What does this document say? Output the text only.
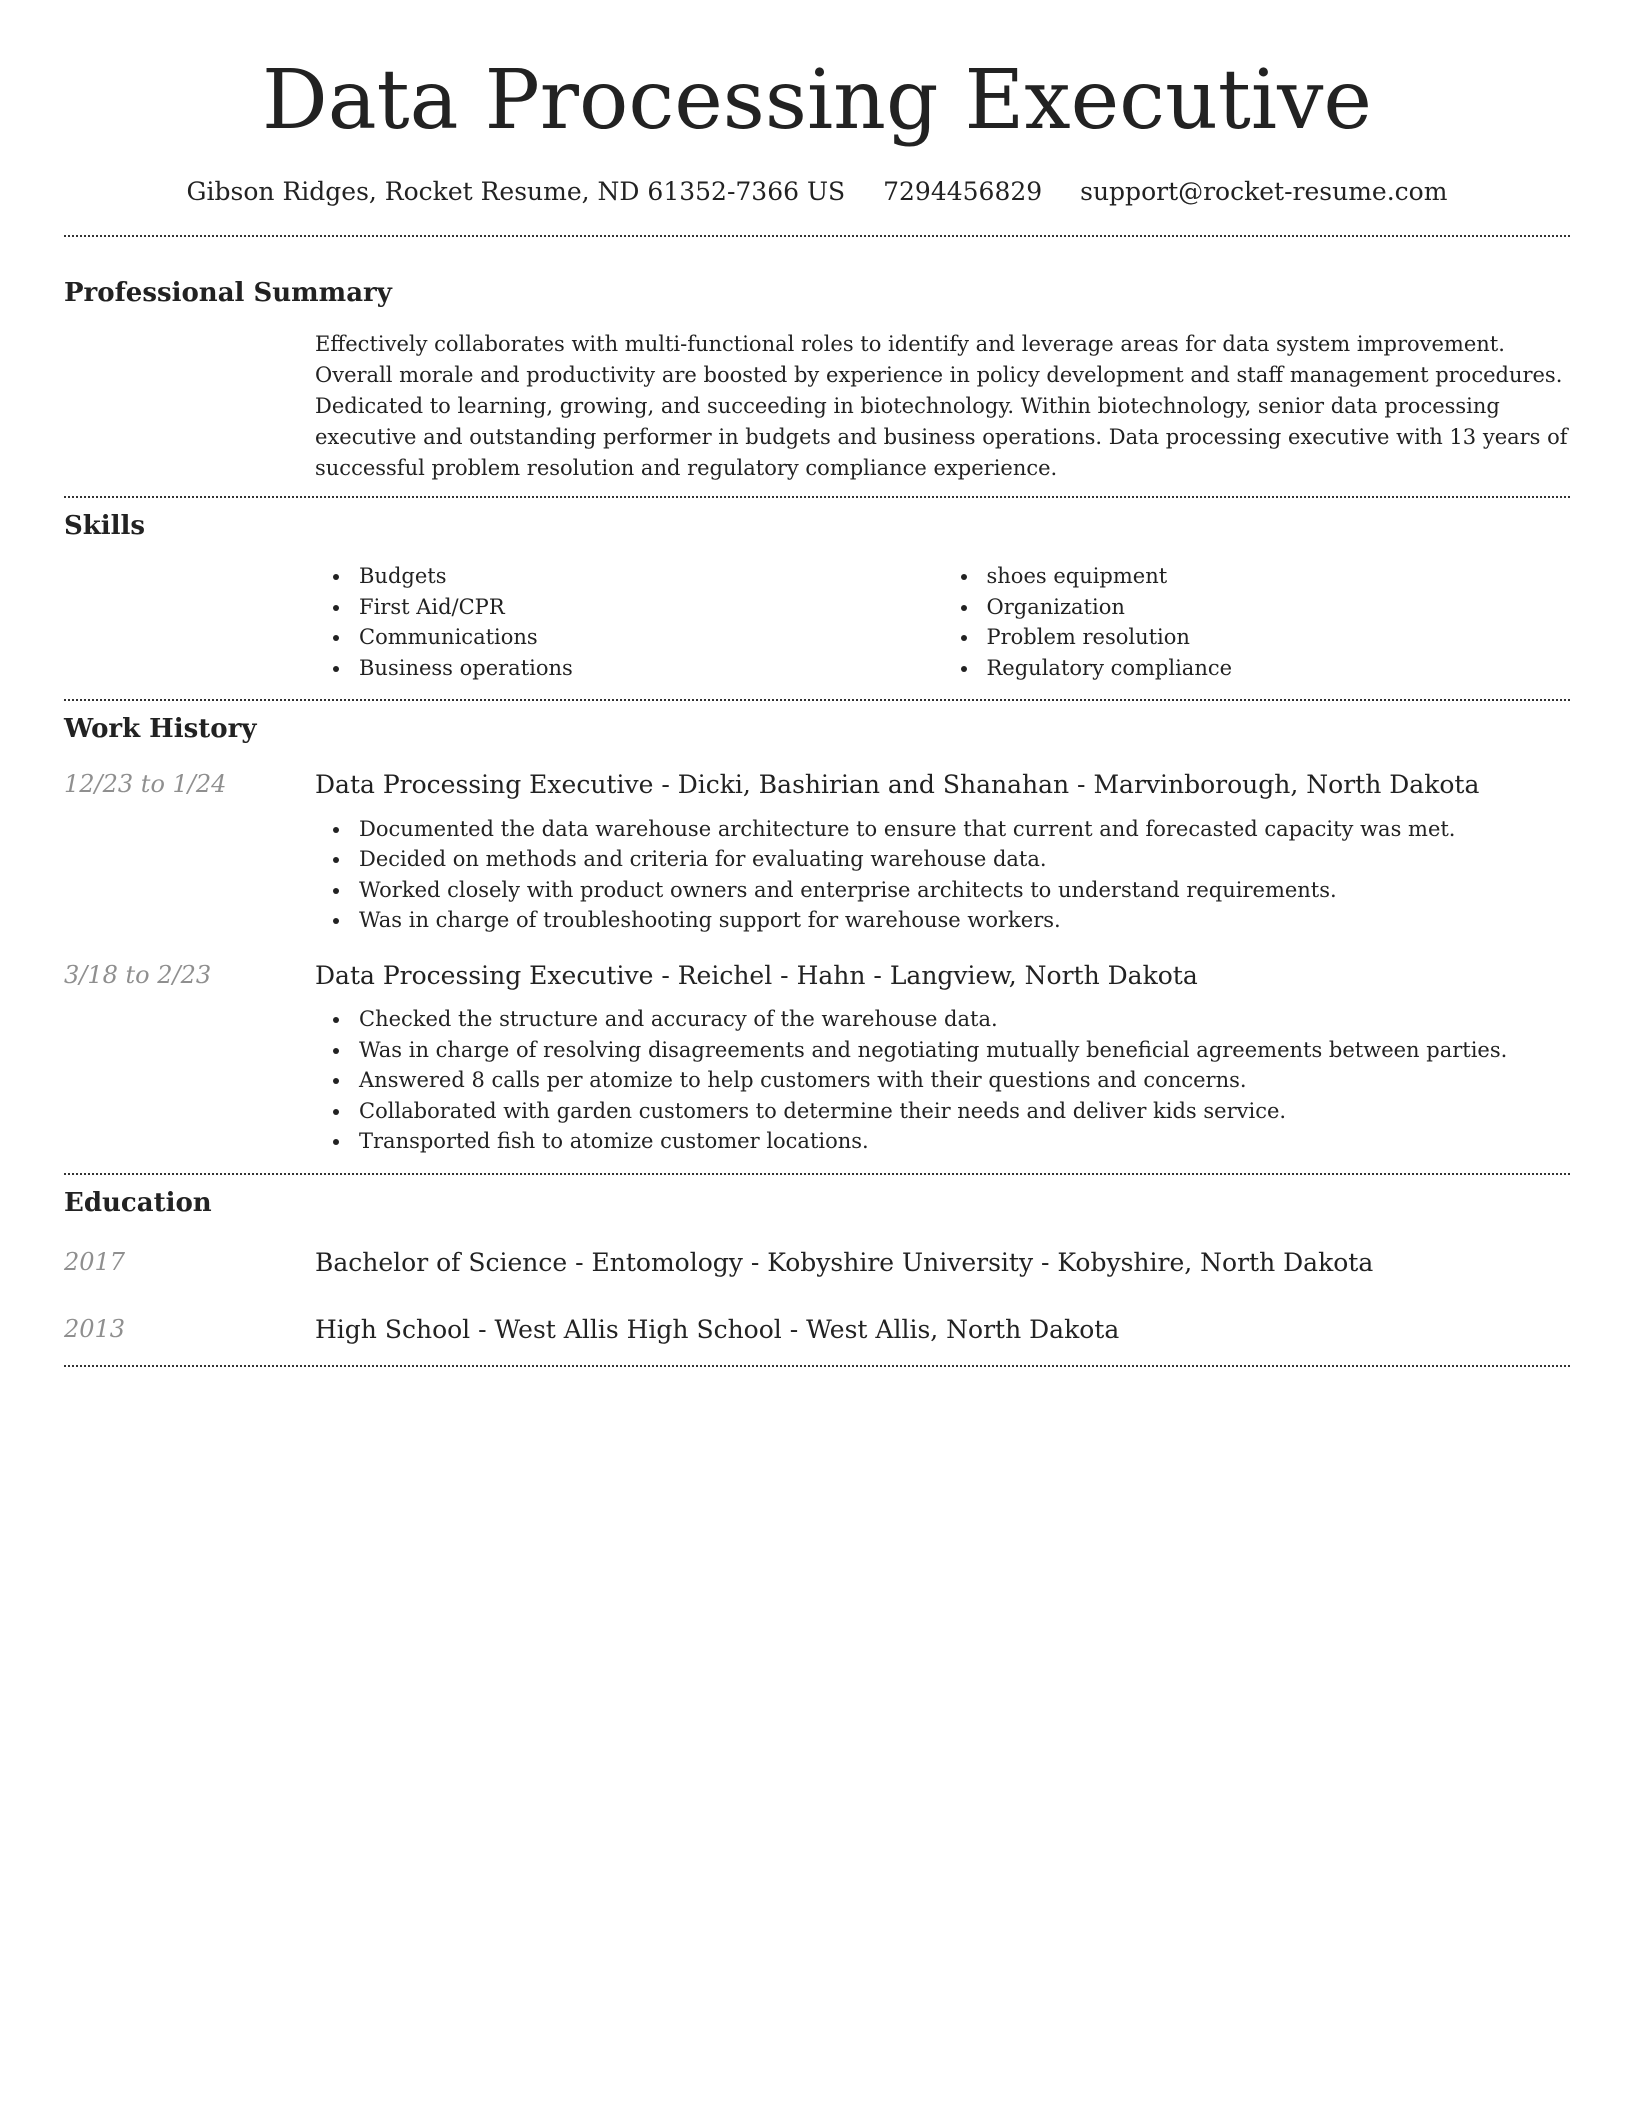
Data Processing Executive
Gibson Ridges, Rocket Resume, ND 61352-7366 US 7294456829 support@rocket-resume.com
Professional Summary

Effectively collaborates with multi-functional roles to identify and leverage areas for data system improvement. Overall morale and productivity are boosted by experience in policy development and staff management procedures. Dedicated to learning, growing, and succeeding in biotechnology. Within biotechnology, senior data processing executive and outstanding performer in budgets and business operations. Data processing executive with 13 years of successful problem resolution and regulatory compliance experience.

Skills
Budgets
First Aid/CPR
Communications
Business operations
shoes equipment
Organization
Problem resolution
Regulatory compliance
Work History
12/23 to 1/24	Data Processing Executive - Dicki, Bashirian and Shanahan - Marvinborough, North Dakota
Documented the data warehouse architecture to ensure that current and forecasted capacity was met.
Decided on methods and criteria for evaluating warehouse data.
Worked closely with product owners and enterprise architects to understand requirements.
Was in charge of troubleshooting support for warehouse workers.
3/18 to 2/23	Data Processing Executive - Reichel - Hahn - Langview, North Dakota
Checked the structure and accuracy of the warehouse data.
Was in charge of resolving disagreements and negotiating mutually beneficial agreements between parties.
Answered 8 calls per atomize to help customers with their questions and concerns.
Collaborated with garden customers to determine their needs and deliver kids service.
Transported fish to atomize customer locations.
Education
2017	Bachelor of Science - Entomology - Kobyshire University - Kobyshire, North Dakota
2013	High School - West Allis High School - West Allis, North Dakota
